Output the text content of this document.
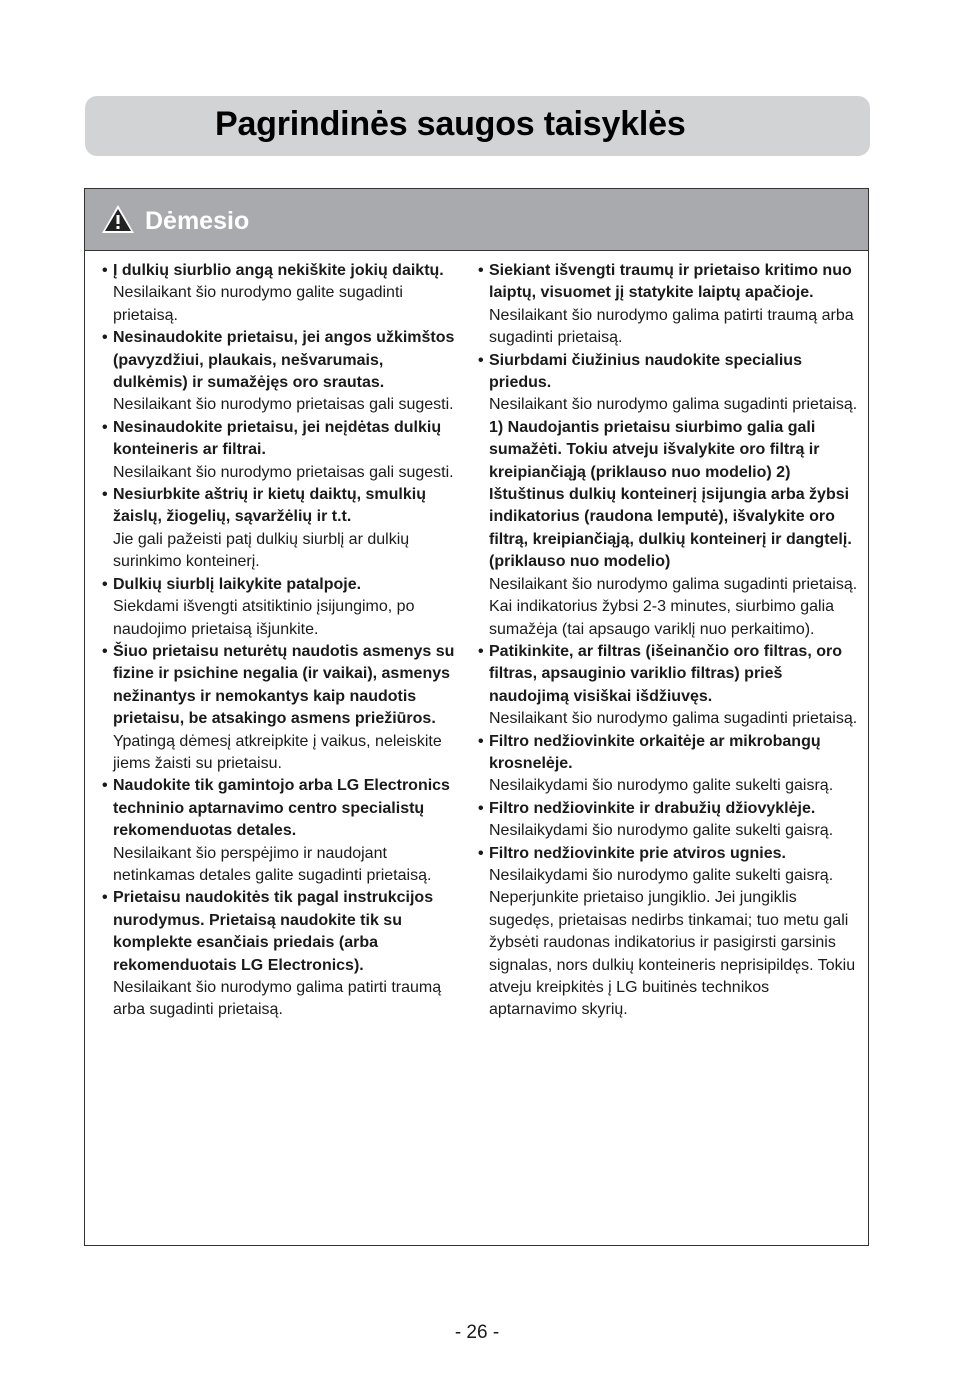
Pagrindinės saugos taisyklės
Dėmesio
• Į dulkių siurblio angą nekiškite jokių daiktų.
Nesilaikant šio nurodymo galite sugadinti prietaisą.
• Nesinaudokite prietaisu, jei angos užkimštos (pavyzdžiui, plaukais, nešvarumais, dulkėmis) ir sumažėjęs oro srautas.
Nesilaikant šio nurodymo prietaisas gali sugesti.
• Nesinaudokite prietaisu, jei neįdėtas dulkių konteineris ar filtrai.
Nesilaikant šio nurodymo prietaisas gali sugesti.
• Nesiurbkite aštrių ir kietų daiktų, smulkių žaislų, žiogelių, sąvaržėlių ir t.t.
Jie gali pažeisti patį dulkių siurblį ar dulkių surinkimo konteinerį.
• Dulkių siurblį laikykite patalpoje.
Siekdami išvengti atsitiktinio įsijungimo, po naudojimo prietaisą išjunkite.
• Šiuo prietaisu neturėtų naudotis asmenys su fizine ir psichine negalia (ir vaikai), asmenys nežinantys ir nemokantys kaip naudotis prietaisu, be atsakingo asmens priežiūros.
Ypatingą dėmesį atkreipkite į vaikus, neleiskite jiems žaisti su prietaisu.
• Naudokite tik gamintojo arba LG Electronics techninio aptarnavimo centro specialistų rekomenduotas detales.
Nesilaikant šio perspėjimo ir naudojant netinkamas detales galite sugadinti prietaisą.
• Prietaisu naudokitės tik pagal instrukcijos nurodymus. Prietaisą naudokite tik su komplekte esančiais priedais (arba rekomenduotais LG Electronics).
Nesilaikant šio nurodymo galima patirti traumą arba sugadinti prietaisą.
• Siekiant išvengti traumų ir prietaiso kritimo nuo laiptų, visuomet jį statykite laiptų apačioje.
Nesilaikant šio nurodymo galima patirti traumą arba sugadinti prietaisą.
• Siurbdami čiužinius naudokite specialius priedus.
Nesilaikant šio nurodymo galima sugadinti prietaisą.
1) Naudojantis prietaisu siurbimo galia gali sumažėti. Tokiu atveju išvalykite oro filtrą ir kreipiančiąją (priklauso nuo modelio) 2) Ištuštinus dulkių konteinerį įsijungia arba žybsi indikatorius (raudona lemputė), išvalykite oro filtrą, kreipiančiąją, dulkių konteinerį ir dangtelį. (priklauso nuo modelio)
Nesilaikant šio nurodymo galima sugadinti prietaisą. Kai indikatorius žybsi 2-3 minutes, siurbimo galia sumažėja (tai apsaugo variklį nuo perkaitimo).
• Patikinkite, ar filtras (išeinančio oro filtras, oro filtras, apsauginio variklio filtras) prieš naudojimą visiškai išdžiuvęs.
Nesilaikant šio nurodymo galima sugadinti prietaisą.
• Filtro nedžiovinkite orkaitėje ar mikrobangų krosnelėje.
Nesilaikydami šio nurodymo galite sukelti gaisrą.
• Filtro nedžiovinkite ir drabužių džiovyklėje.
Nesilaikydami šio nurodymo galite sukelti gaisrą.
• Filtro nedžiovinkite prie atviros ugnies.
Nesilaikydami šio nurodymo galite sukelti gaisrą.
Neperjunkite prietaiso jungiklio. Jei jungiklis sugedęs, prietaisas nedirbs tinkamai; tuo metu gali žybsėti raudonas indikatorius ir pasigirsti garsinis signalas, nors dulkių konteineris neprisipildęs. Tokiu atveju kreipkitės į LG buitinės technikos aptarnavimo skyrių.
- 26 -
